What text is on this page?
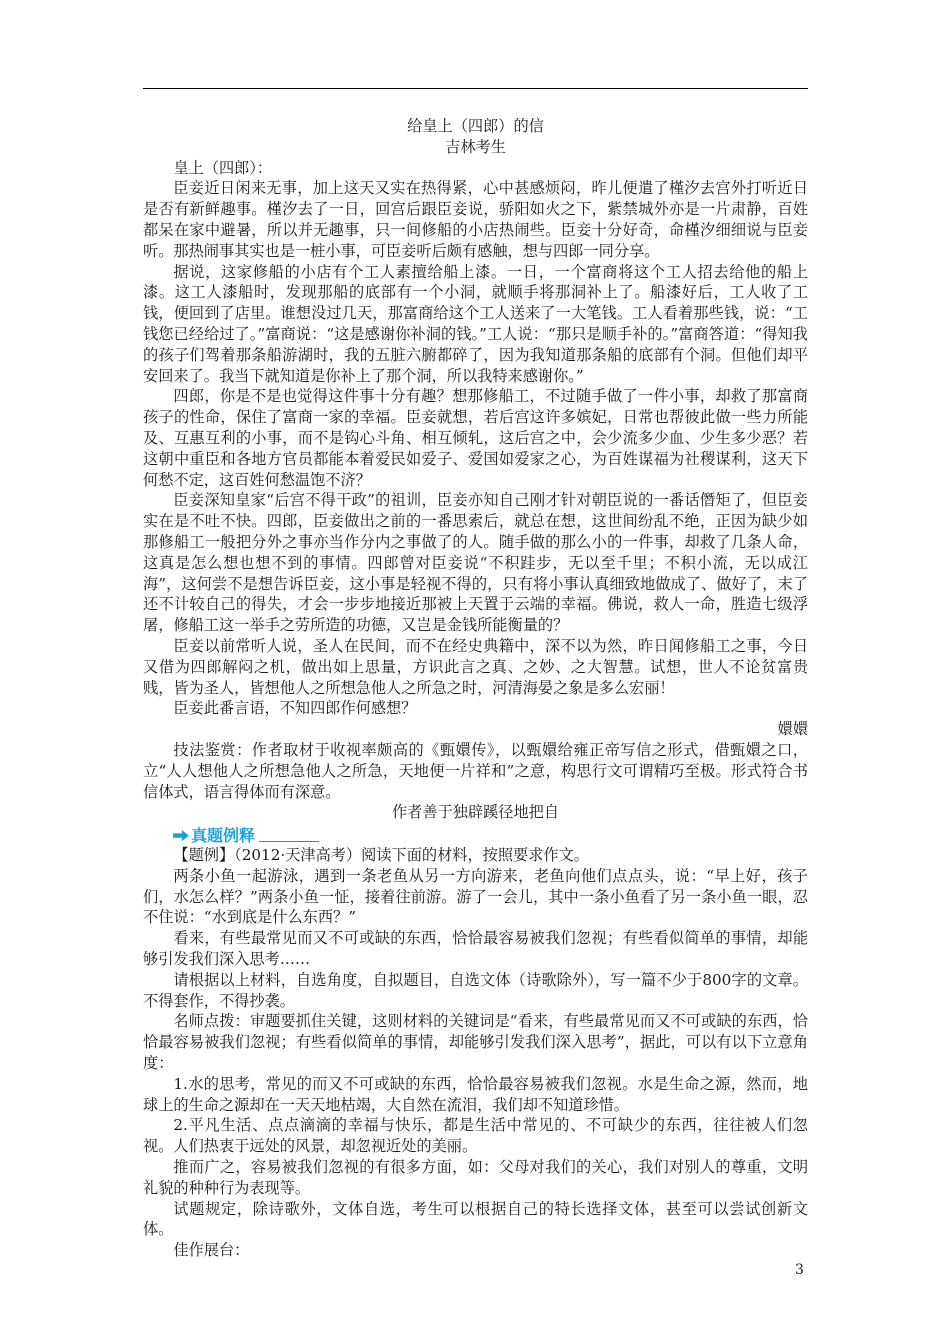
给皇上（四郎）的信

吉林考生

皇上（四郎）：

臣妾近日闲来无事，加上这天又实在热得紧，心中甚感烦闷，昨儿便遣了槿汐去宫外打听近日是否有新鲜趣事。槿汐去了一日，回宫后跟臣妾说，骄阳如火之下，紫禁城外亦是一片肃静，百姓都呆在家中避暑，所以并无趣事，只一间修船的小店热闹些。臣妾十分好奇，命槿汐细细说与臣妾听。那热闹事其实也是一桩小事，可臣妾听后颇有感触，想与四郎一同分享。

据说，这家修船的小店有个工人素擅给船上漆。一日，一个富商将这个工人招去给他的船上漆。这工人漆船时，发现那船的底部有一个小洞，就顺手将那洞补上了。船漆好后，工人收了工钱，便回到了店里。谁想没过几天，那富商给这个工人送来了一大笔钱。工人看着那些钱，说：“工钱您已经给过了。”富商说：“这是感谢你补洞的钱。”工人说：“那只是顺手补的。”富商答道：“得知我的孩子们驾着那条船游湖时，我的五脏六腑都碎了，因为我知道那条船的底部有个洞。但他们却平安回来了。我当下就知道是你补上了那个洞，所以我特来感谢你。”

四郎，你是不是也觉得这件事十分有趣？想那修船工，不过随手做了一件小事，却救了那富商孩子的性命，保住了富商一家的幸福。臣妾就想，若后宫这许多嫔妃，日常也帮彼此做一些力所能及、互惠互利的小事，而不是钩心斗角、相互倾轧，这后宫之中，会少流多少血、少生多少恶？若这朝中重臣和各地方官员都能本着爱民如爱子、爱国如爱家之心，为百姓谋福为社稷谋利，这天下何愁不定，这百姓何愁温饱不济？

臣妾深知皇家“后宫不得干政”的祖训，臣妾亦知自己刚才针对朝臣说的一番话僭矩了，但臣妾实在是不吐不快。四郎，臣妾做出之前的一番思索后，就总在想，这世间纷乱不绝，正因为缺少如那修船工一般把分外之事亦当作分内之事做了的人。随手做的那么小的一件事，却救了几条人命，这真是怎么想也想不到的事情。四郎曾对臣妾说“不积跬步，无以至千里；不积小流，无以成江海”，这何尝不是想告诉臣妾，这小事是轻视不得的，只有将小事认真细致地做成了、做好了，末了还不计较自己的得失，才会一步步地接近那被上天置于云端的幸福。佛说，救人一命，胜造七级浮屠，修船工这一举手之劳所造的功德，又岂是金钱所能衡量的？

臣妾以前常听人说，圣人在民间，而不在经史典籍中，深不以为然，昨日闻修船工之事，今日又借为四郎解闷之机，做出如上思量，方识此言之真、之妙、之大智慧。试想，世人不论贫富贵贱，皆为圣人，皆想他人之所想急他人之所急之时，河清海晏之象是多么宏丽！

臣妾此番言语，不知四郎作何感想？

嬛嬛

技法鉴赏：作者取材于收视率颇高的《甄嬛传》，以甄嬛给雍正帝写信之形式，借甄嬛之口，立“人人想他人之所想急他人之所急，天地便一片祥和”之意，构思行文可谓精巧至极。形式符合书信体式，语言得体而有深意。

作者善于独辟蹊径地把自

真题例释

【题例】（2012·天津高考）阅读下面的材料，按照要求作文。

两条小鱼一起游泳，遇到一条老鱼从另一方向游来，老鱼向他们点点头，说：“早上好，孩子们，水怎么样？”两条小鱼一怔，接着往前游。游了一会儿，其中一条小鱼看了另一条小鱼一眼，忍不住说：“水到底是什么东西？”

看来，有些最常见而又不可或缺的东西，恰恰最容易被我们忽视；有些看似简单的事情，却能够引发我们深入思考……

请根据以上材料，自选角度，自拟题目，自选文体（诗歌除外），写一篇不少于800字的文章。不得套作，不得抄袭。

名师点拨：审题要抓住关键，这则材料的关键词是“看来，有些最常见而又不可或缺的东西，恰恰最容易被我们忽视；有些看似简单的事情，却能够引发我们深入思考”，据此，可以有以下立意角度：

1.水的思考，常见的而又不可或缺的东西，恰恰最容易被我们忽视。水是生命之源，然而，地球上的生命之源却在一天天地枯竭，大自然在流泪，我们却不知道珍惜。

2.平凡生活、点点滴滴的幸福与快乐，都是生活中常见的、不可缺少的东西，往往被人们忽视。人们热衷于远处的风景，却忽视近处的美丽。

推而广之，容易被我们忽视的有很多方面，如：父母对我们的关心，我们对别人的尊重，文明礼貌的种种行为表现等。

试题规定，除诗歌外，文体自选，考生可以根据自己的特长选择文体，甚至可以尝试创新文体。

佳作展台：

3
